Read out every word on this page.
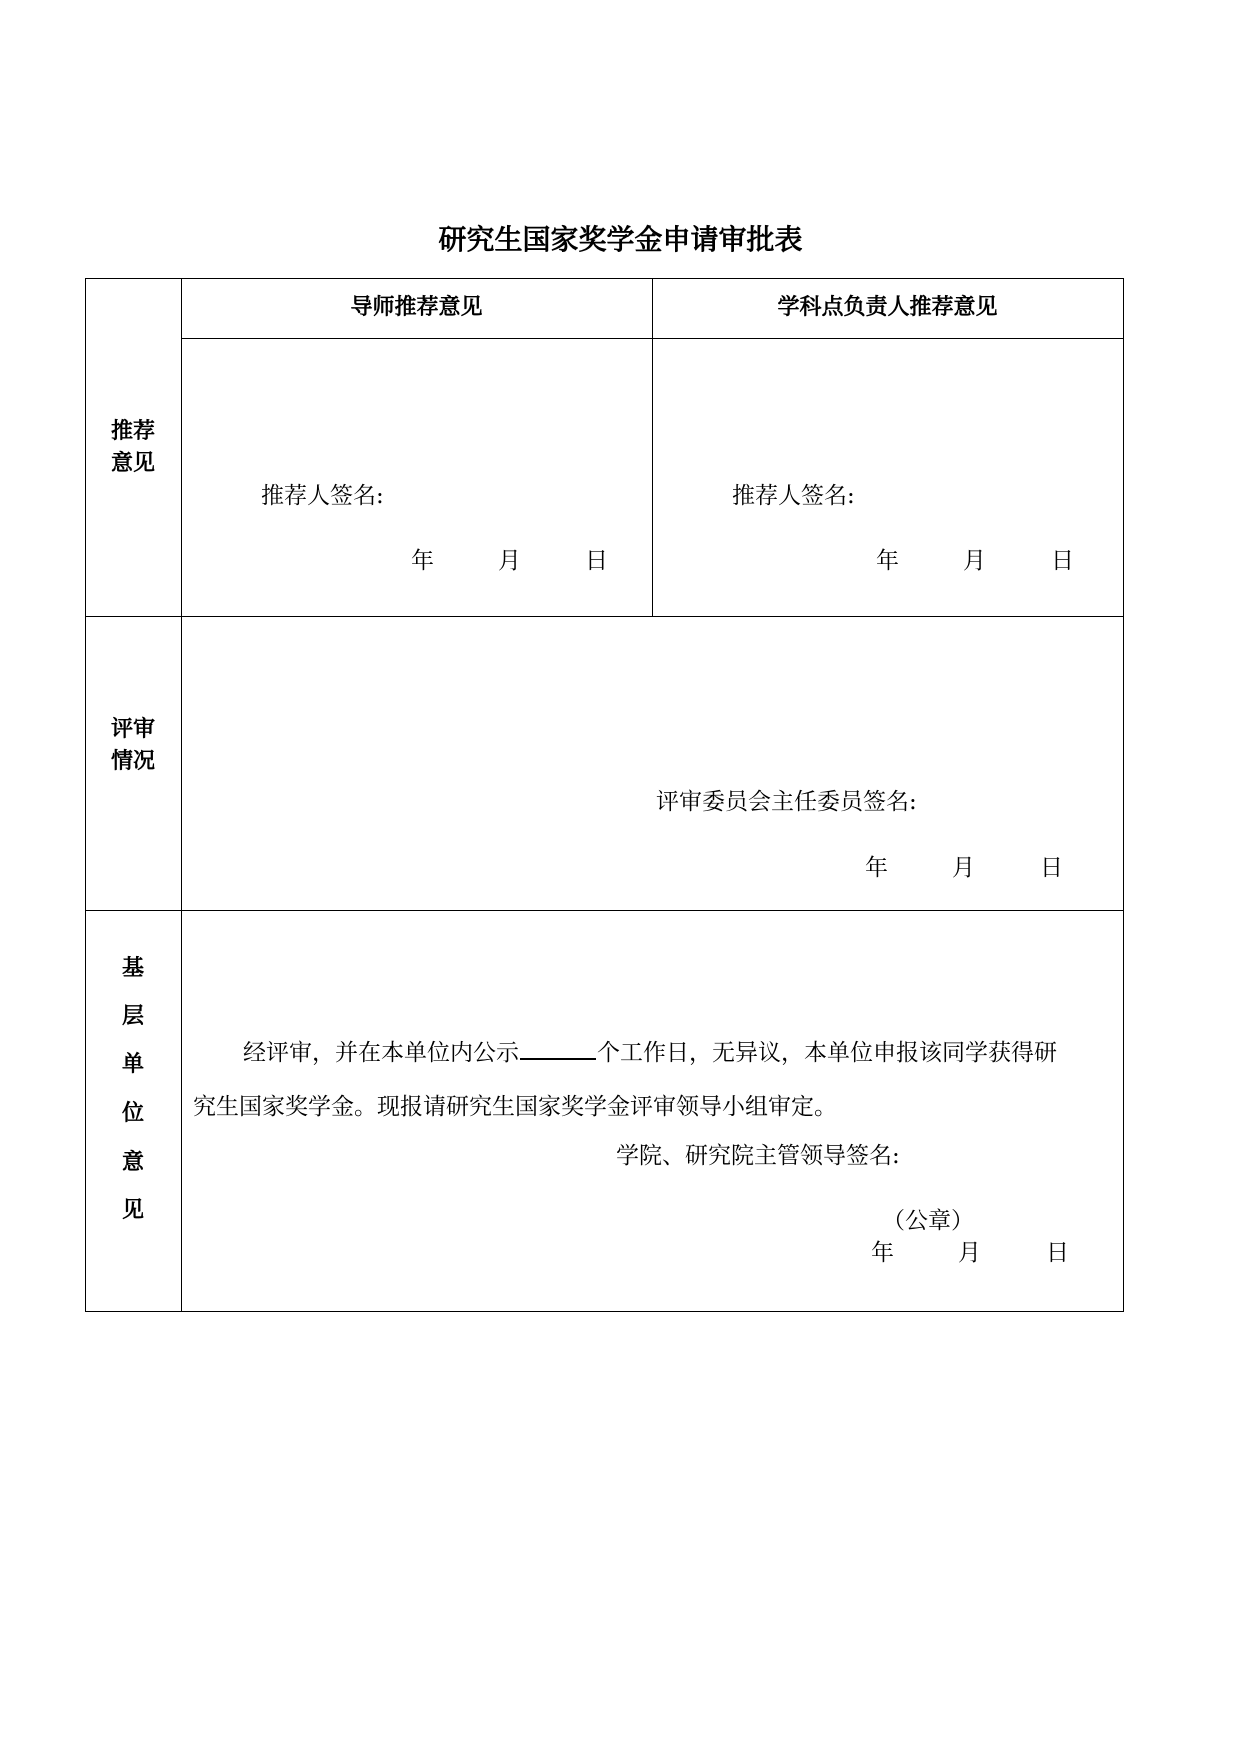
研究生国家奖学金申请审批表
推荐
意见
导师推荐意见	学科点负责人推荐意见
推荐人签名:
年	月	日
推荐人签名:
年	月	日
评审
情况
评审委员会主任委员签名:
年	月	日
基
层
单
位
意
见
经评审，并在本单位内公示	个工作日，无异议，本单位申报该同学获得研
究生国家奖学金。现报请研究生国家奖学金评审领导小组审定。
学院、研究院主管领导签名:
（公章）
年	月	日
